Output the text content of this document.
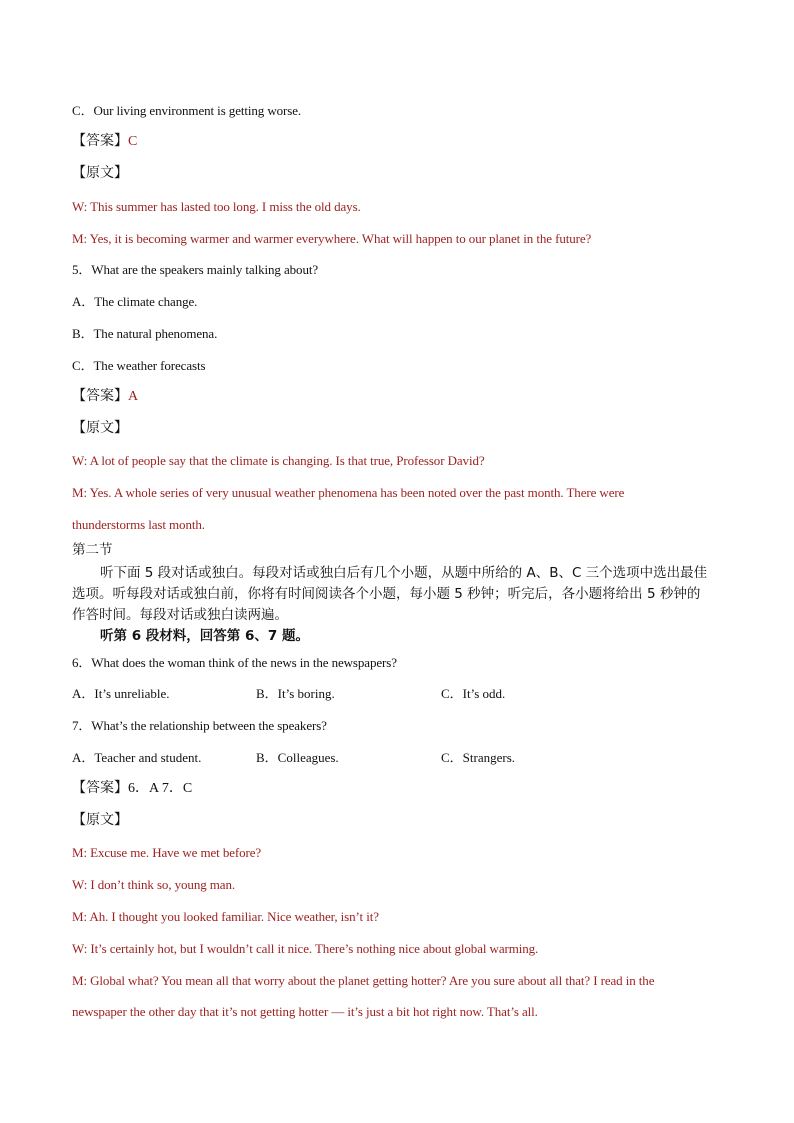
C．Our living environment is getting worse.
【答案】C
【原文】
W: This summer has lasted too long. I miss the old days.
M: Yes, it is becoming warmer and warmer everywhere. What will happen to our planet in the future?
5．What are the speakers mainly talking about?
A．The climate change.
B．The natural phenomena.
C．The weather forecasts
【答案】A
【原文】
W: A lot of people say that the climate is changing. Is that true, Professor David?
M: Yes. A whole series of very unusual weather phenomena has been noted over the past month. There were
thunderstorms last month.
第二节
听下面 5 段对话或独白。每段对话或独白后有几个小题，从题中所给的 A、B、C 三个选项中选出最佳
选项。听每段对话或独白前，你将有时间阅读各个小题，每小题 5 秒钟；听完后，各小题将给出 5 秒钟的
作答时间。每段对话或独白读两遍。
听第 6 段材料，回答第 6、7 题。
6．What does the woman think of the news in the newspapers?
A．It’s unreliable.	B．It’s boring.	C．It’s odd.
7．What’s the relationship between the speakers?
A．Teacher and student.	B．Colleagues.	C．Strangers.
【答案】6．A 7．C
【原文】
M: Excuse me. Have we met before?
W: I don’t think so, young man.
M: Ah. I thought you looked familiar. Nice weather, isn’t it?
W: It’s certainly hot, but I wouldn’t call it nice. There’s nothing nice about global warming.
M: Global what? You mean all that worry about the planet getting hotter? Are you sure about all that? I read in the
newspaper the other day that it’s not getting hotter — it’s just a bit hot right now. That’s all.
